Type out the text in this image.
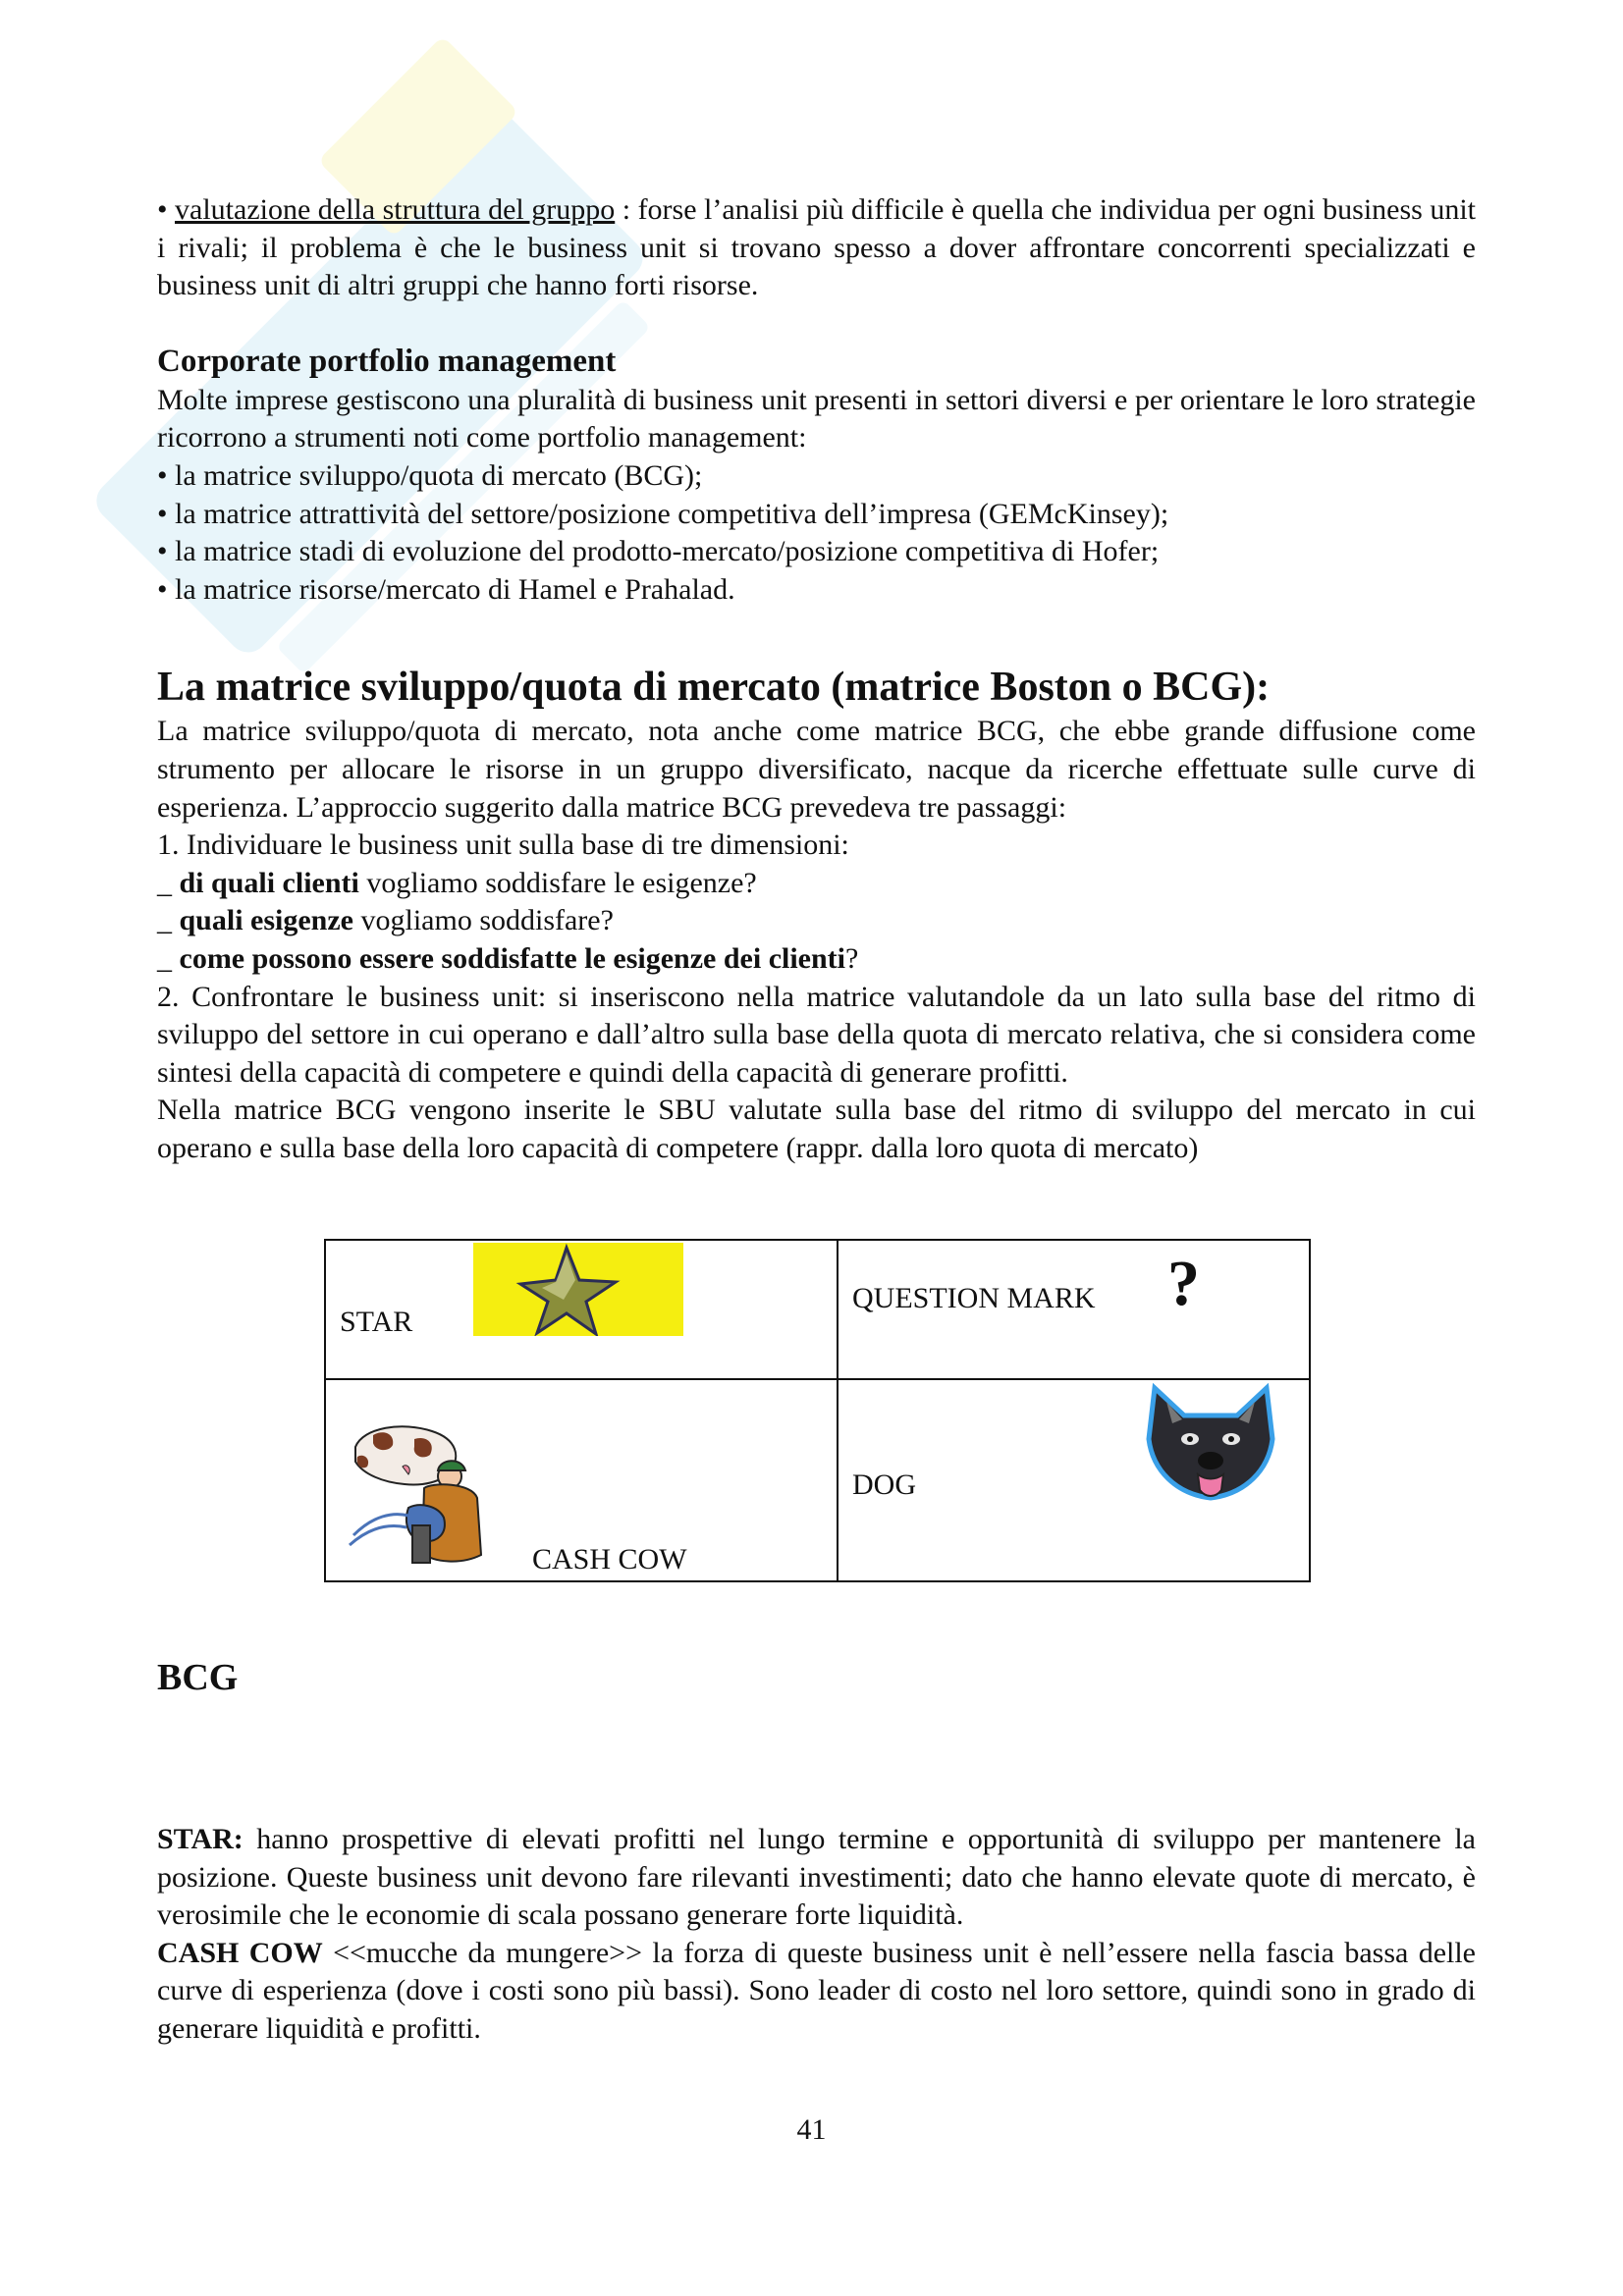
• valutazione della struttura del gruppo : forse l’analisi più difficile è quella che individua per ogni business unit i rivali; il problema è che le business unit si trovano spesso a dover affrontare concorrenti specializzati e business unit di altri gruppi che hanno forti risorse.

Corporate portfolio management

Molte imprese gestiscono una pluralità di business unit presenti in settori diversi e per orientare le loro strategie ricorrono a strumenti noti come portfolio management:

• la matrice sviluppo/quota di mercato (BCG);

• la matrice attrattività del settore/posizione competitiva dell’impresa (GEMcKinsey);

• la matrice stadi di evoluzione del prodotto-mercato/posizione competitiva di Hofer;

• la matrice risorse/mercato di Hamel e Prahalad.

La matrice sviluppo/quota di mercato (matrice Boston o BCG):

La matrice sviluppo/quota di mercato, nota anche come matrice BCG, che ebbe grande diffusione come strumento per allocare le risorse in un gruppo diversificato, nacque da ricerche effettuate sulle curve di esperienza. L’approccio suggerito dalla matrice BCG prevedeva tre passaggi:

1. Individuare le business unit sulla base di tre dimensioni:

_ di quali clienti vogliamo soddisfare le esigenze?

_ quali esigenze vogliamo soddisfare?

_ come possono essere soddisfatte le esigenze dei clienti?

2. Confrontare le business unit: si inseriscono nella matrice valutandole da un lato sulla base del ritmo di sviluppo del settore in cui operano e dall’altro sulla base della quota di mercato relativa, che si considera come sintesi della capacità di competere e quindi della capacità di generare profitti.

Nella matrice BCG vengono inserite le SBU valutate sulla base del ritmo di sviluppo del mercato in cui operano e sulla base della loro capacità di competere (rappr. dalla loro quota di mercato)

STAR
QUESTION MARK ?
CASH COW
DOG

BCG

STAR: hanno prospettive di elevati profitti nel lungo termine e opportunità di sviluppo per mantenere la posizione. Queste business unit devono fare rilevanti investimenti; dato che hanno elevate quote di mercato, è verosimile che le economie di scala possano generare forte liquidità.

CASH COW <<mucche da mungere>> la forza di queste business unit è nell’essere nella fascia bassa delle curve di esperienza (dove i costi sono più bassi). Sono leader di costo nel loro settore, quindi sono in grado di generare liquidità e profitti.

41
